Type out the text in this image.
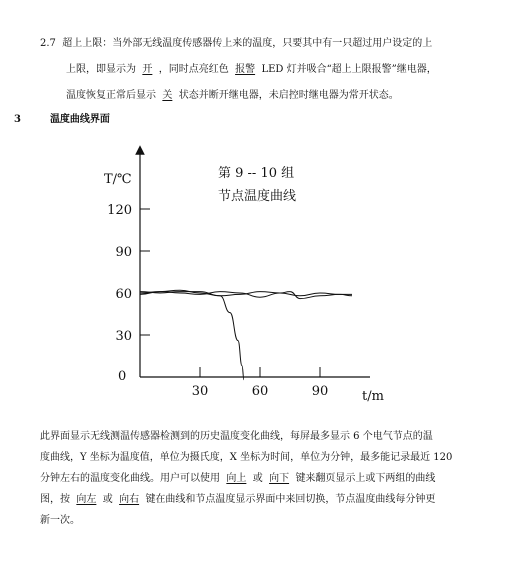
2.7 超上上限：当外部无线温度传感器传上来的温度，只要其中有一只超过用户设定的上
上限，即显示为 开 ，同时点亮红色 报警 LED 灯并吸合“超上上限报警”继电器，
温度恢复正常后显示 关 状态并断开继电器，未启控时继电器为常开状态。
3	温度曲线界面
第 9 -- 10 组
节点温度曲线
T/℃
t/m
0
120
90
60
30
30	60	90
此界面显示无线测温传感器检测到的历史温度变化曲线，每屏最多显示 6 个电气节点的温
度曲线，Y 坐标为温度值，单位为摄氏度，X 坐标为时间，单位为分钟，最多能记录最近 120
分钟左右的温度变化曲线。用户可以使用 向上 或 向下 键来翻页显示上或下两组的曲线
图，按 向左 或 向右 键在曲线和节点温度显示界面中来回切换，节点温度曲线每分钟更
新一次。
